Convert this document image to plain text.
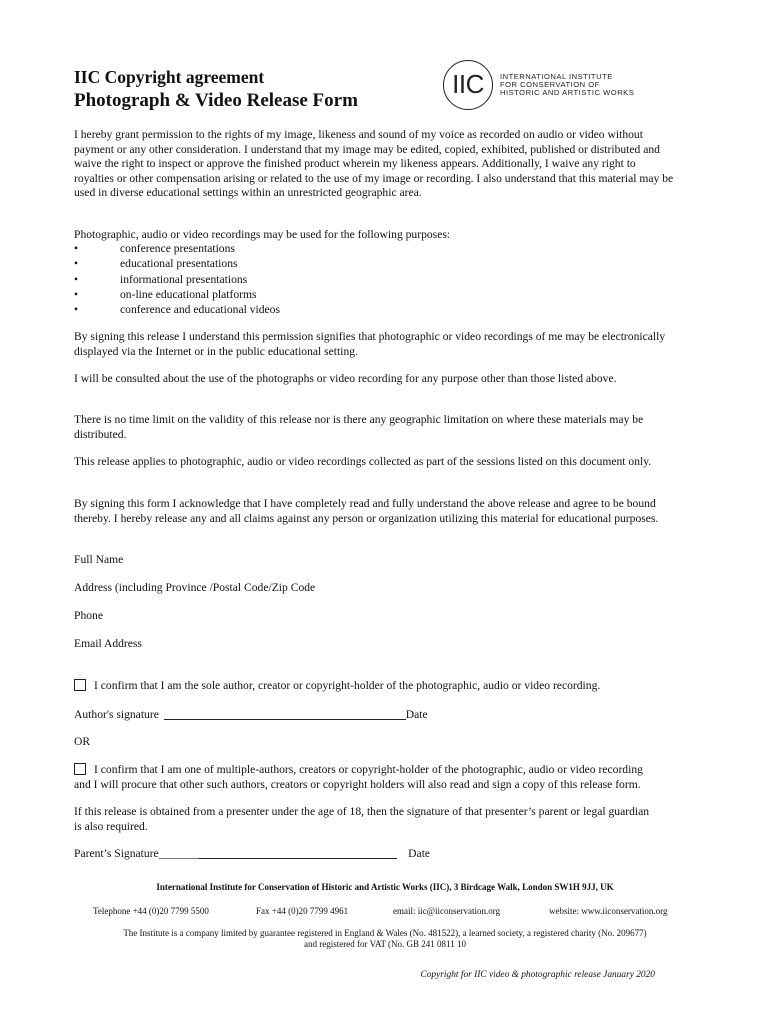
IIC Copyright agreement
Photograph & Video Release Form
IIC	INTERNATIONAL INSTITUTE
FOR CONSERVATION OF
HISTORIC AND ARTISTIC WORKS
I hereby grant permission to the rights of my image, likeness and sound of my voice as recorded on audio or video without payment or any other consideration. I understand that my image may be edited, copied, exhibited, published or distributed and waive the right to inspect or approve the finished product wherein my likeness appears. Additionally, I waive any right to royalties or other compensation arising or related to the use of my image or recording. I also understand that this material may be used in diverse educational settings within an unrestricted geographic area.
Photographic, audio or video recordings may be used for the following purposes:
•	conference presentations
•	educational presentations
•	informational presentations
•	on-line educational platforms
•	conference and educational videos
By signing this release I understand this permission signifies that photographic or video recordings of me may be electronically displayed via the Internet or in the public educational setting.
I will be consulted about the use of the photographs or video recording for any purpose other than those listed above.
There is no time limit on the validity of this release nor is there any geographic limitation on where these materials may be distributed.
This release applies to photographic, audio or video recordings collected as part of the sessions listed on this document only.
By signing this form I acknowledge that I have completely read and fully understand the above release and agree to be bound thereby. I hereby release any and all claims against any person or organization utilizing this material for educational purposes.
Full Name
Address (including Province /Postal Code/Zip Code
Phone
Email Address
I confirm that I am the sole author, creator or copyright-holder of the photographic, audio or video recording.
Author's signature	Date
OR
I confirm that I am one of multiple-authors, creators or copyright-holder of the photographic, audio or video recording
and I will procure that other such authors, creators or copyright holders will also read and sign a copy of this release form.
If this release is obtained from a presenter under the age of 18, then the signature of that presenter’s parent or legal guardian is also required.
Parent’s Signature_______	Date
International Institute for Conservation of Historic and Artistic Works (IIC), 3 Birdcage Walk, London SW1H 9JJ, UK
Telephone +44 (0)20 7799 5500	Fax +44 (0)20 7799 4961	email: iic@iiconservation.org	website: www.iiconservation.org
The Institute is a company limited by guarantee registered in England & Wales (No. 481522), a learned society, a registered charity (No. 209677)
and registered for VAT (No. GB 241 0811 10
Copyright for IIC video & photographic release January 2020
